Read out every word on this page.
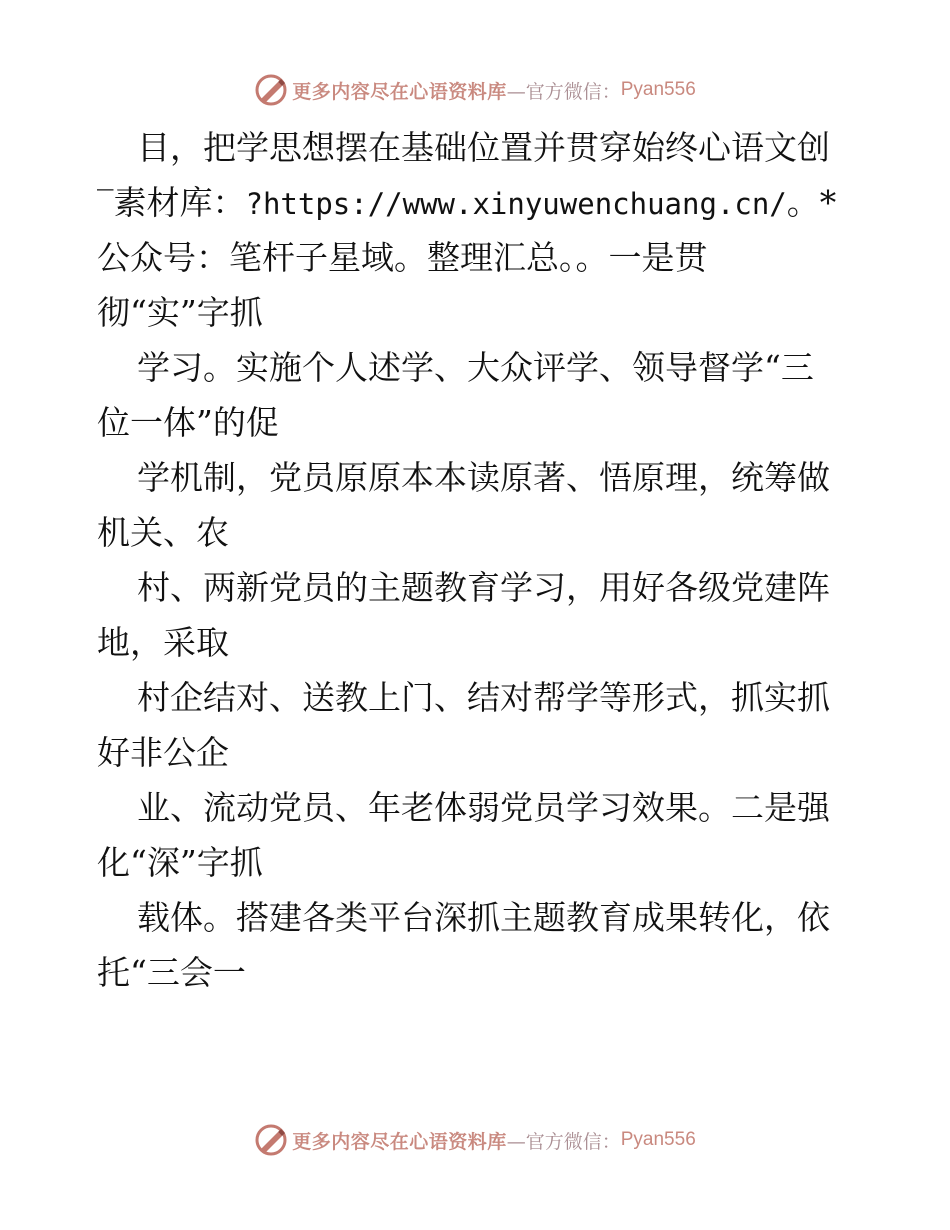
更多内容尽在心语资料库 —官方微信： Pyan556
目，把学思想摆在基础位置并贯穿始终心语文创
‾素材库：?https://www.xinyuwenchuang.cn/。*
公众号：笔杆子星域。整理汇总。。一是贯
彻“实”字抓
学习。实施个人述学、大众评学、领导督学“三
位一体”的促
学机制，党员原原本本读原著、悟原理，统筹做
机关、农
村、两新党员的主题教育学习，用好各级党建阵
地，采取
村企结对、送教上门、结对帮学等形式，抓实抓
好非公企
业、流动党员、年老体弱党员学习效果。二是强
化“深”字抓
载体。搭建各类平台深抓主题教育成果转化，依
托“三会一
更多内容尽在心语资料库 —官方微信： Pyan556
